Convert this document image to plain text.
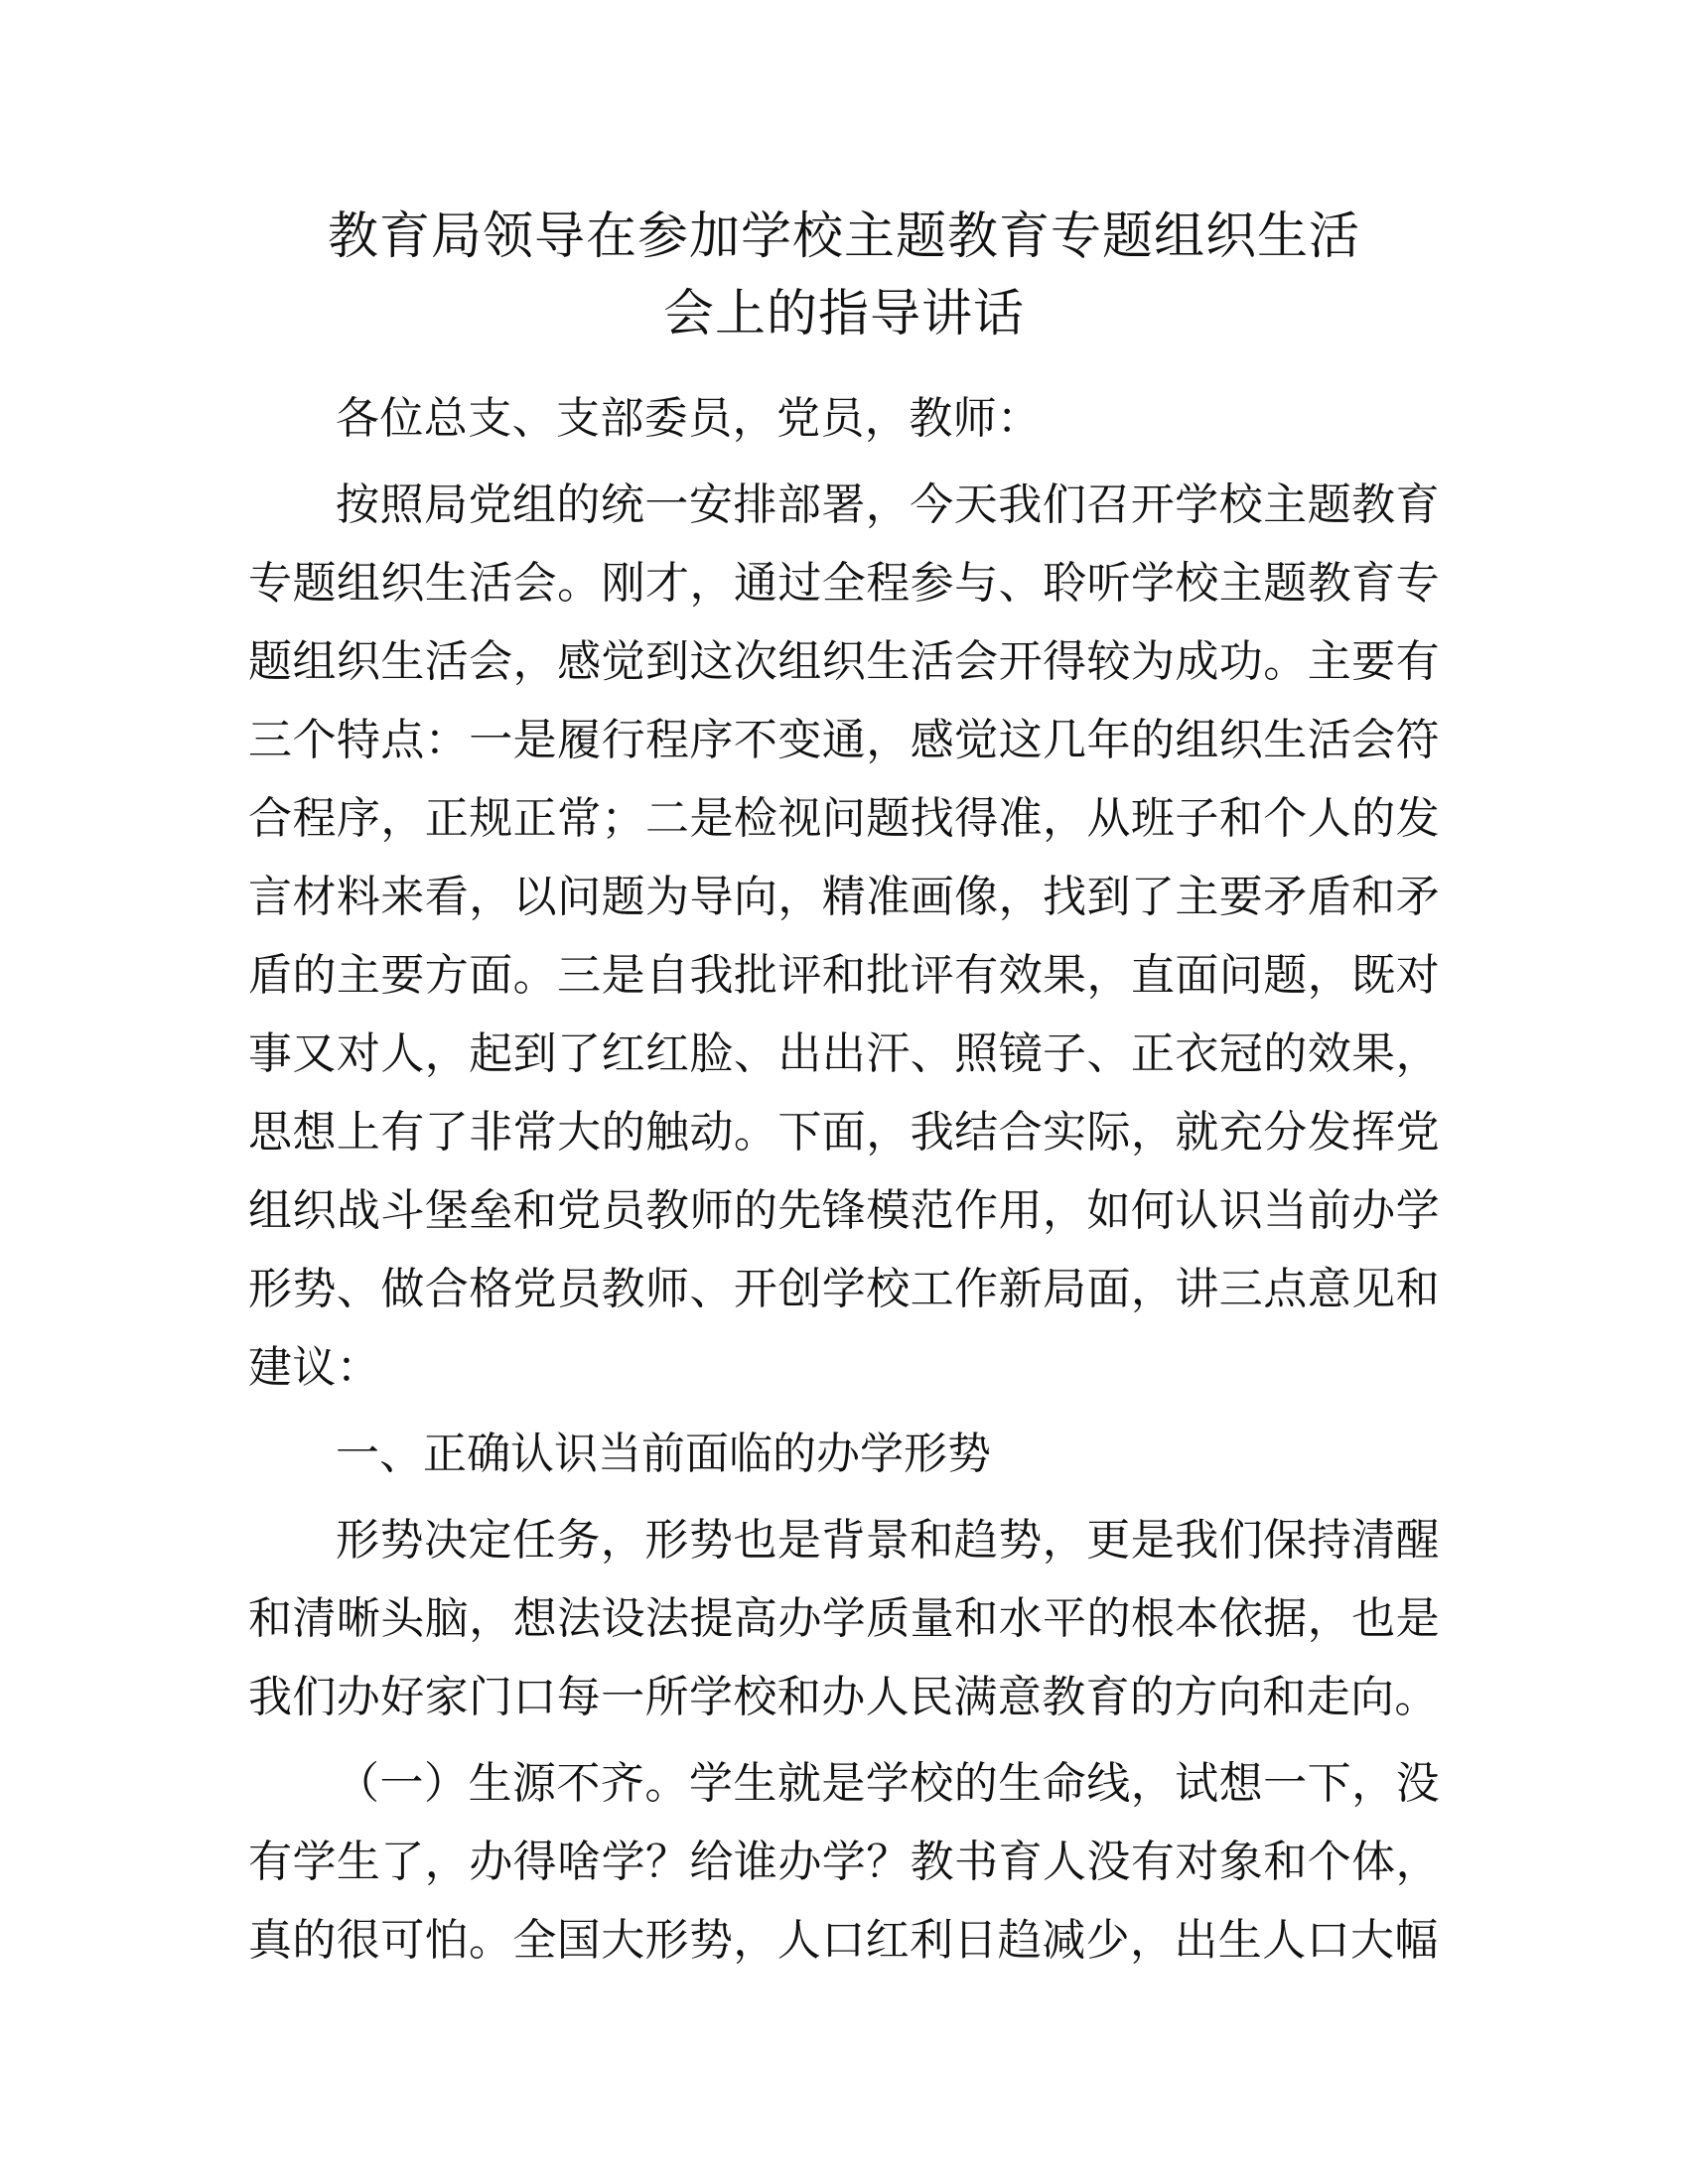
教育局领导在参加学校主题教育专题组织生活
会上的指导讲话

各位总支、支部委员，党员，教师：

按照局党组的统一安排部署，今天我们召开学校主题教育专题组织生活会。刚才，通过全程参与、聆听学校主题教育专题组织生活会，感觉到这次组织生活会开得较为成功。主要有三个特点：一是履行程序不变通，感觉这几年的组织生活会符合程序，正规正常；二是检视问题找得准，从班子和个人的发言材料来看，以问题为导向，精准画像，找到了主要矛盾和矛盾的主要方面。三是自我批评和批评有效果，直面问题，既对事又对人，起到了红红脸、出出汗、照镜子、正衣冠的效果，思想上有了非常大的触动。下面，我结合实际，就充分发挥党组织战斗堡垒和党员教师的先锋模范作用，如何认识当前办学形势、做合格党员教师、开创学校工作新局面，讲三点意见和建议：

一、正确认识当前面临的办学形势

形势决定任务，形势也是背景和趋势，更是我们保持清醒和清晰头脑，想法设法提高办学质量和水平的根本依据，也是我们办好家门口每一所学校和办人民满意教育的方向和走向。

（一）生源不齐。学生就是学校的生命线，试想一下，没有学生了，办得啥学？给谁办学？教书育人没有对象和个体，真的很可怕。全国大形势，人口红利日趋减少，出生人口大幅
